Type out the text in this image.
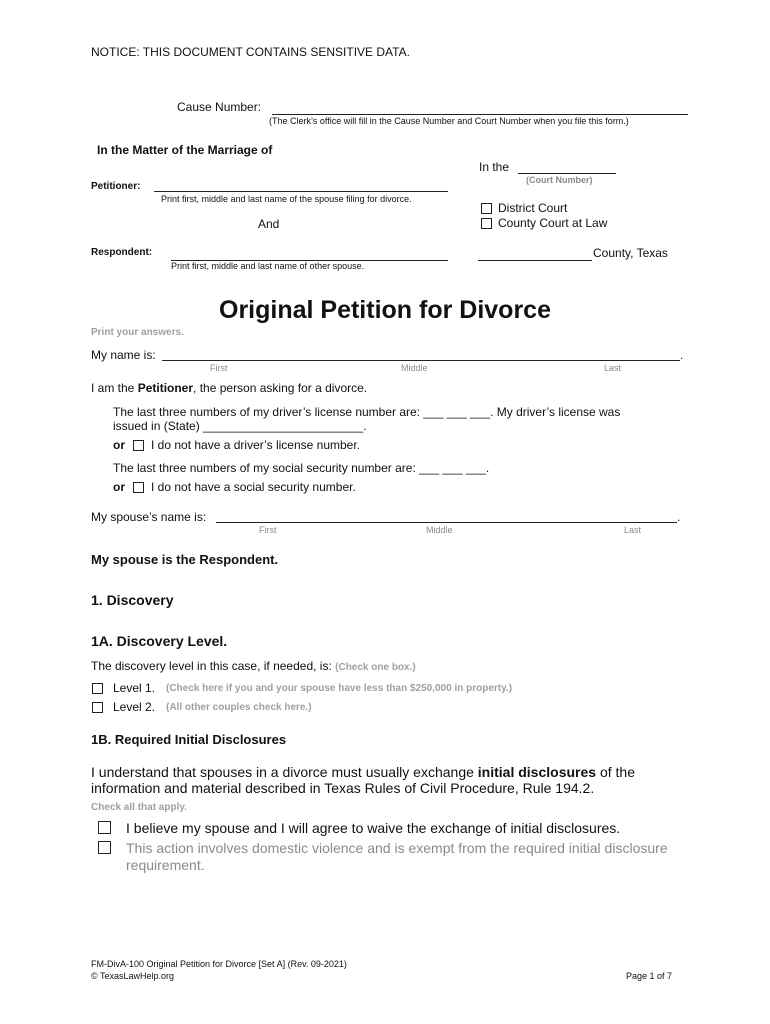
NOTICE: THIS DOCUMENT CONTAINS SENSITIVE DATA.
Cause Number:
(The Clerk’s office will fill in the Cause Number and Court Number when you file this form.)
In the Matter of the Marriage of
In the
(Court Number)
Petitioner:
Print first, middle and last name of the spouse filing for divorce.
District Court
County Court at Law
And
Respondent:
Print first, middle and last name of other spouse.
County, Texas
Original Petition for Divorce
Print your answers.
My name is:	.
First	Middle	Last
I am the Petitioner, the person asking for a divorce.
The last three numbers of my driver’s license number are: ___ ___ ___. My driver’s license was
issued in (State) ________________________.
or I do not have a driver’s license number.
The last three numbers of my social security number are: ___ ___ ___.
or I do not have a social security number.
My spouse’s name is:	.
First	Middle	Last
My spouse is the Respondent.
1. Discovery
1A. Discovery Level.
The discovery level in this case, if needed, is: (Check one box.)
Level 1. (Check here if you and your spouse have less than $250,000 in property.)
Level 2. (All other couples check here.)
1B. Required Initial Disclosures
I understand that spouses in a divorce must usually exchange initial disclosures of the
information and material described in Texas Rules of Civil Procedure, Rule 194.2.
Check all that apply.
I believe my spouse and I will agree to waive the exchange of initial disclosures.
This action involves domestic violence and is exempt from the required initial disclosure
requirement.
FM-DivA-100 Original Petition for Divorce [Set A] (Rev. 09-2021)
© TexasLawHelp.org	Page 1 of 7
